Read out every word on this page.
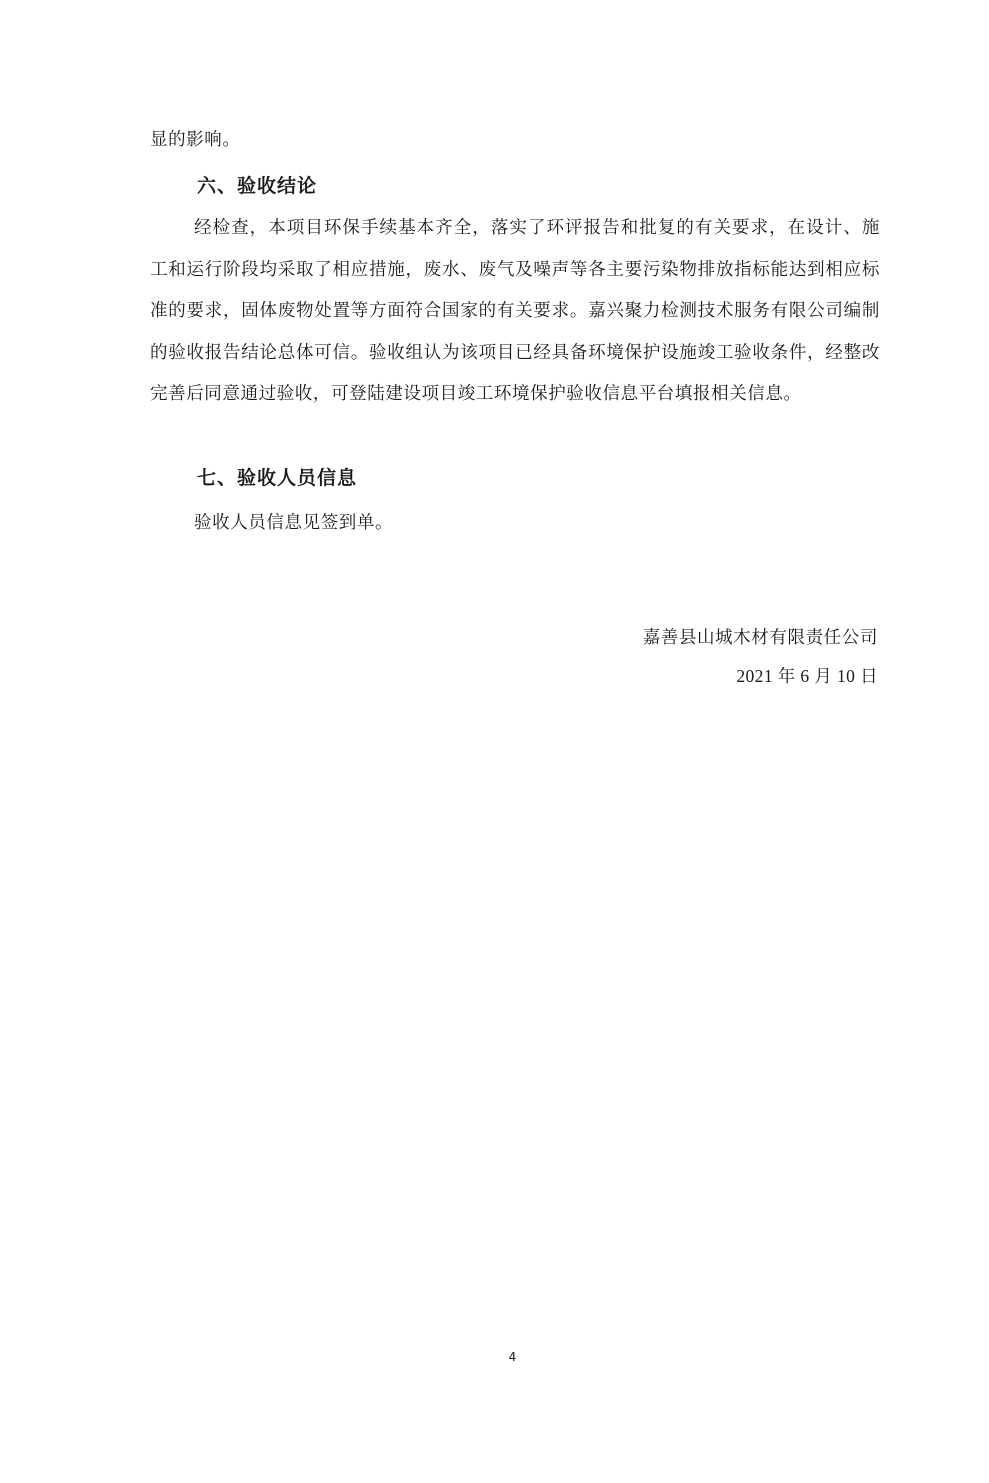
显的影响。
六、验收结论
经检查，本项目环保手续基本齐全，落实了环评报告和批复的有关要求，在设计、施工和运行阶段均采取了相应措施，废水、废气及噪声等各主要污染物排放指标能达到相应标准的要求，固体废物处置等方面符合国家的有关要求。嘉兴聚力检测技术服务有限公司编制的验收报告结论总体可信。验收组认为该项目已经具备环境保护设施竣工验收条件，经整改完善后同意通过验收，可登陆建设项目竣工环境保护验收信息平台填报相关信息。
七、验收人员信息
验收人员信息见签到单。
嘉善县山城木材有限责任公司
2021 年 6 月 10 日
4
